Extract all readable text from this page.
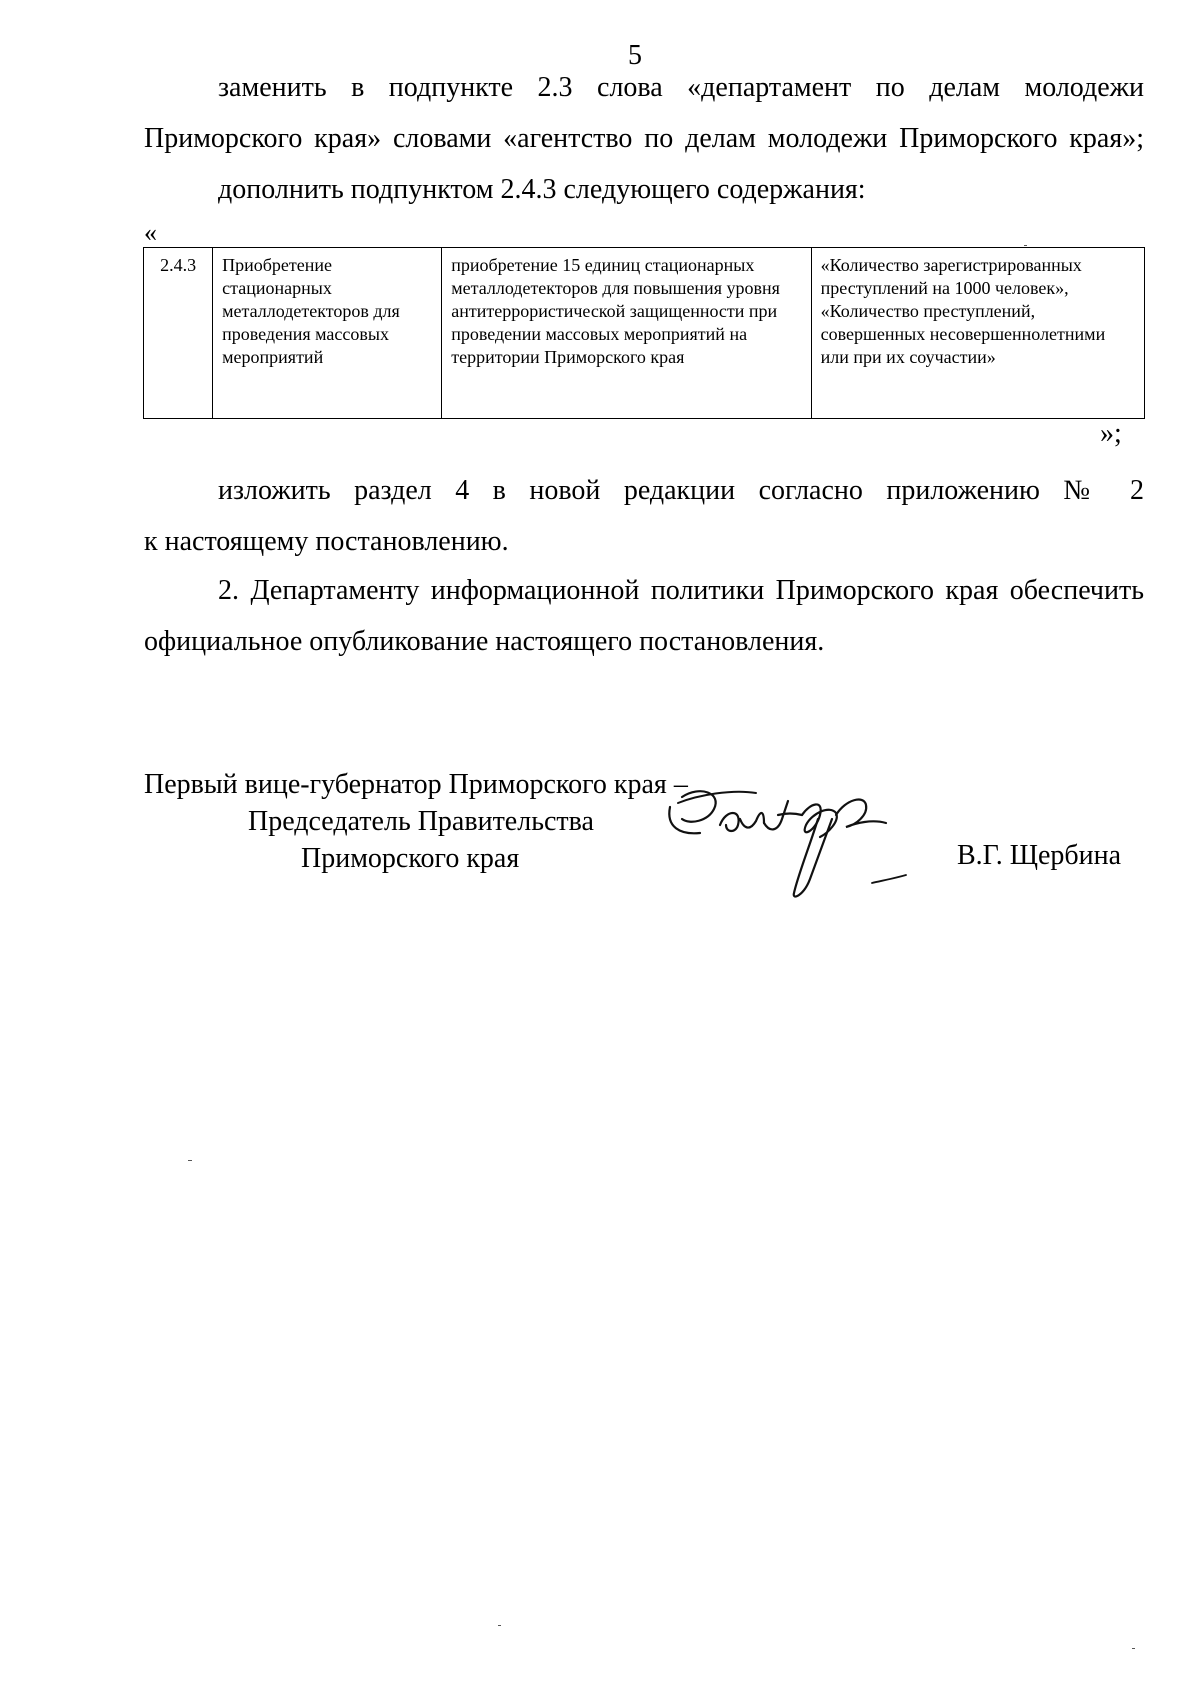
5
заменить в подпункте 2.3 слова «департамент по делам молодежи
Приморского края» словами «агентство по делам молодежи Приморского края»;
дополнить подпунктом 2.4.3 следующего содержания:
«
2.4.3	Приобретение стационарных металлодетекторов для проведения массовых мероприятий	приобретение 15 единиц стационарных металлодетекторов для повышения уровня антитеррористической защищенности при проведении массовых мероприятий на территории Приморского края	«Количество зарегистрированных преступлений на 1000 человек», «Количество преступлений, совершенных несовершеннолетними или при их соучастии»
»;
изложить раздел 4 в новой редакции согласно приложению № 2
к настоящему постановлению.
2. Департаменту информационной политики Приморского края обеспечить
официальное опубликование настоящего постановления.
Первый вице-губернатор Приморского края –
Председатель Правительства
Приморского края	В.Г. Щербина
